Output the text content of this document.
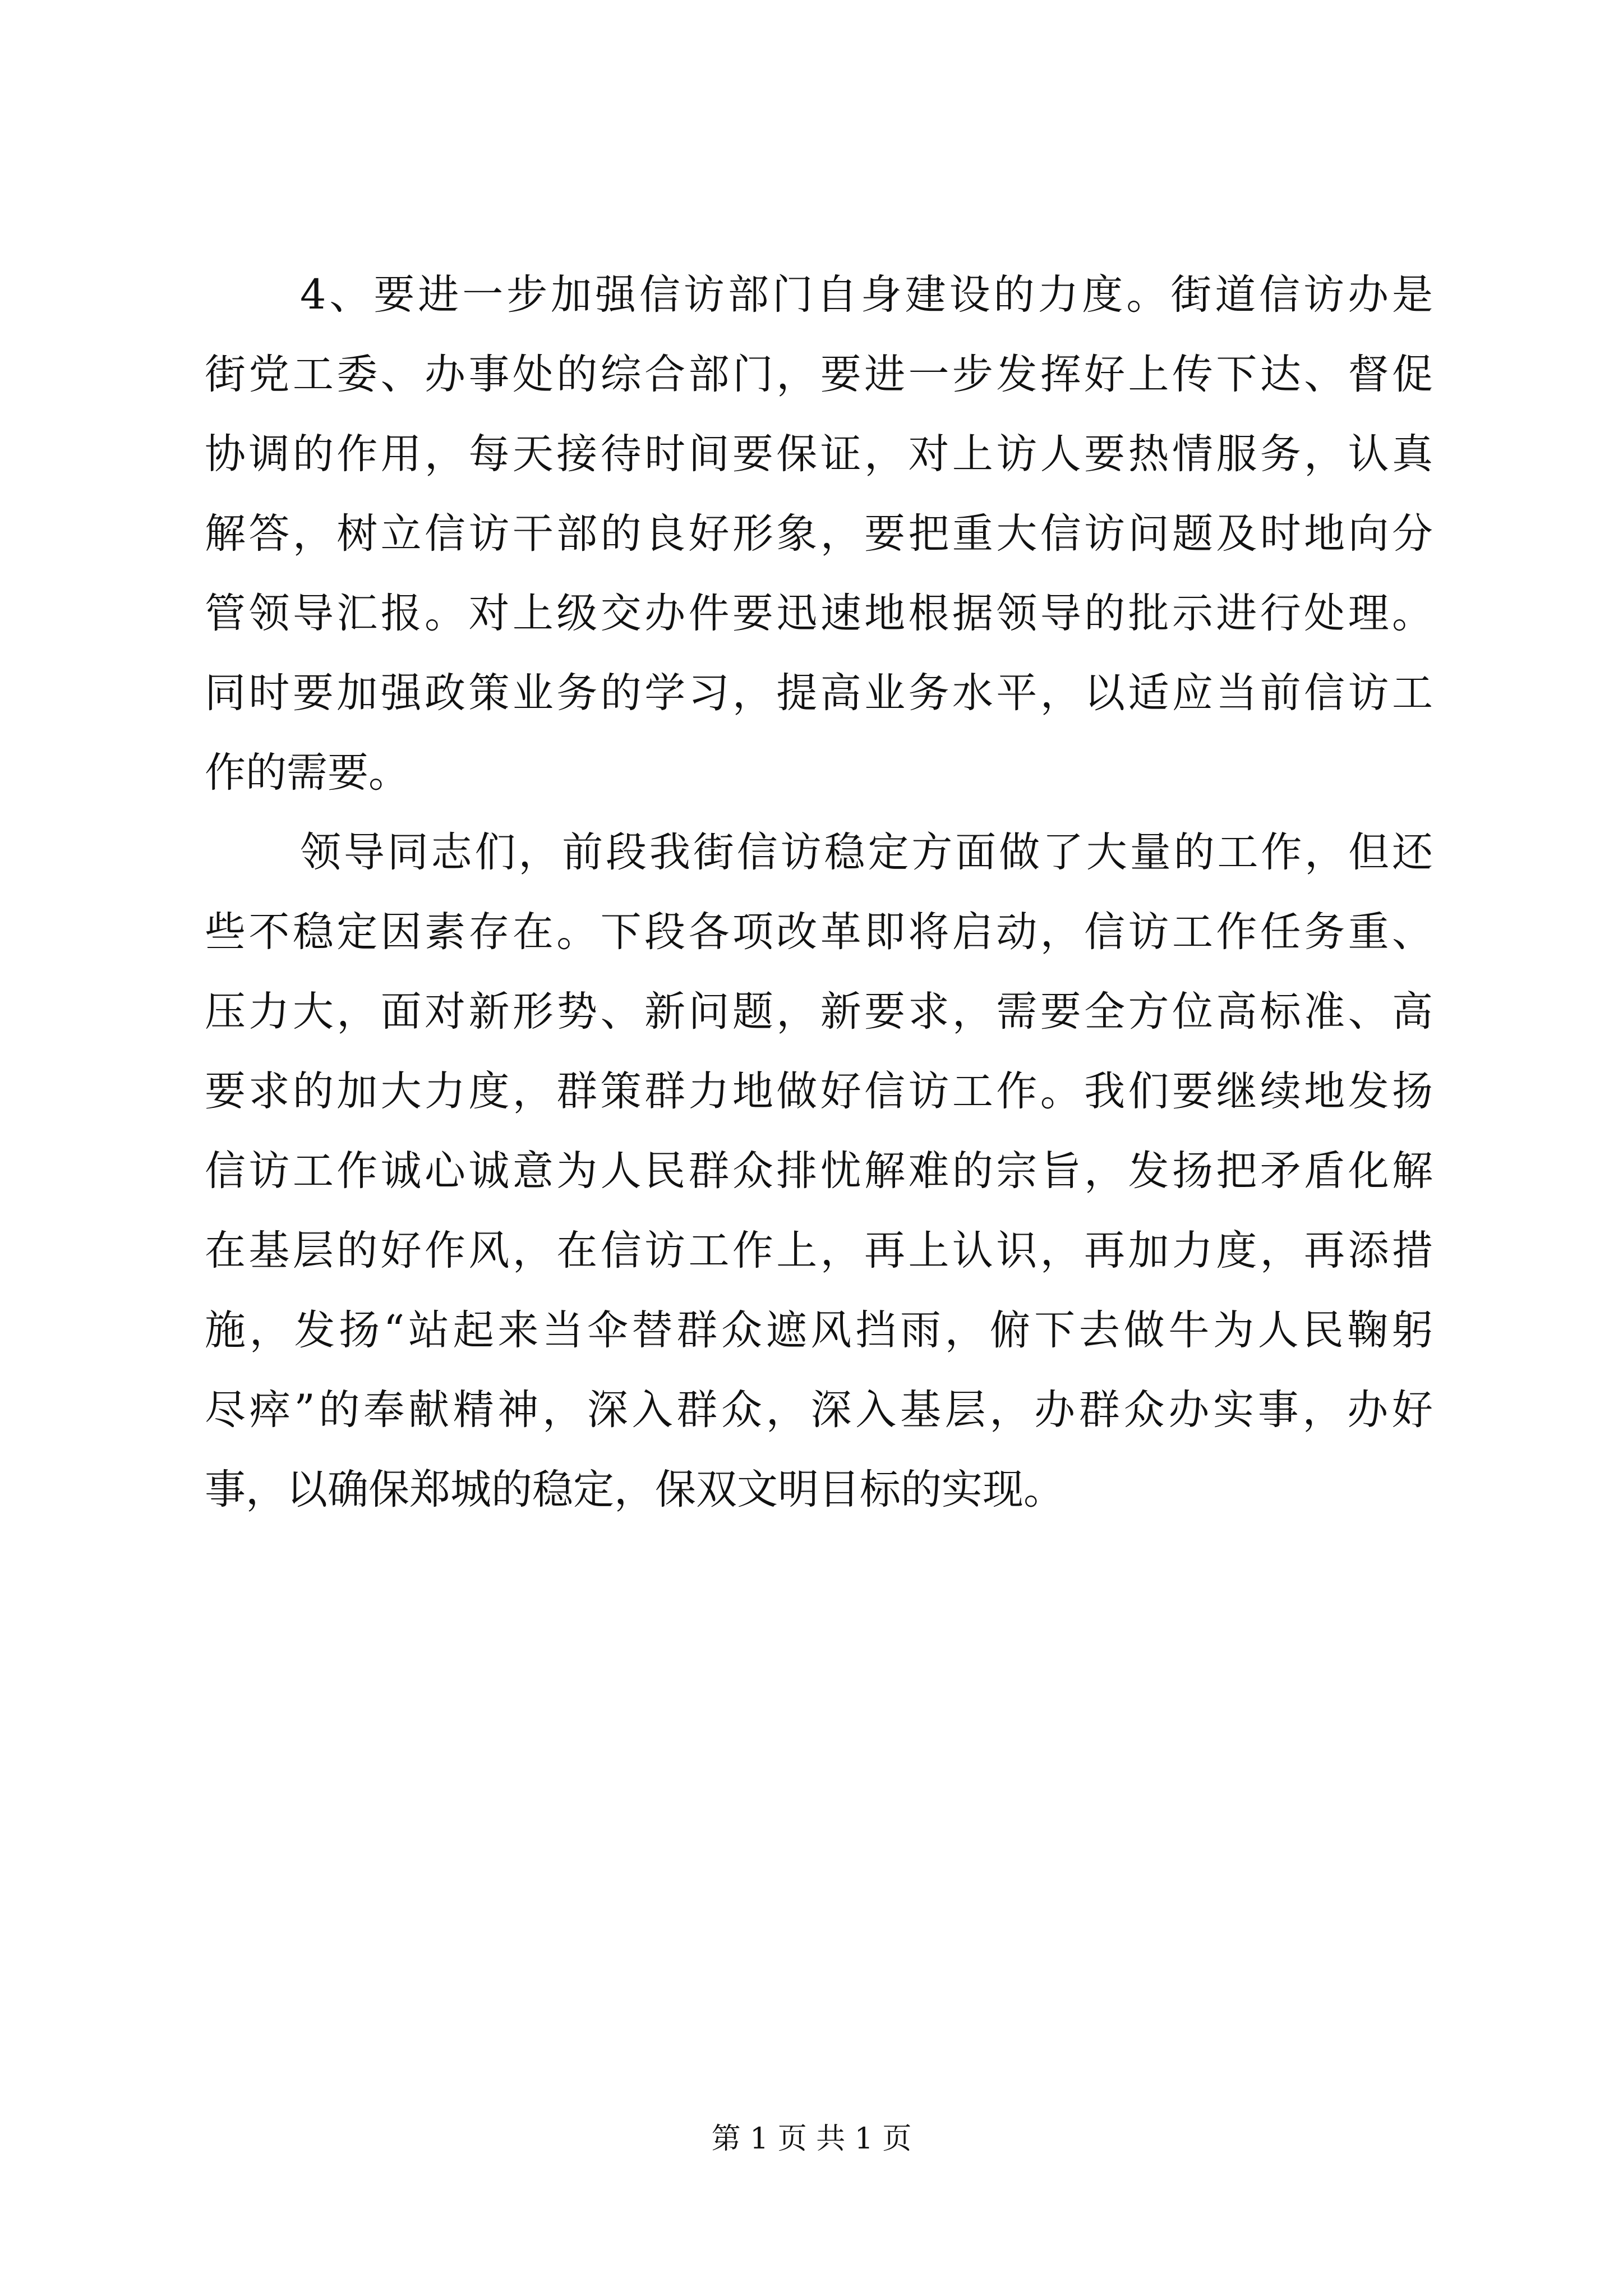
4、要进一步加强信访部门自身建设的力度。街道信访办是
街党工委、办事处的综合部门，要进一步发挥好上传下达、督促
协调的作用，每天接待时间要保证，对上访人要热情服务，认真
解答，树立信访干部的良好形象，要把重大信访问题及时地向分
管领导汇报。对上级交办件要迅速地根据领导的批示进行处理。
同时要加强政策业务的学习，提高业务水平，以适应当前信访工
作的需要。
领导同志们，前段我街信访稳定方面做了大量的工作，但还
些不稳定因素存在。下段各项改革即将启动，信访工作任务重、
压力大，面对新形势、新问题，新要求，需要全方位高标准、高
要求的加大力度，群策群力地做好信访工作。我们要继续地发扬
信访工作诚心诚意为人民群众排忧解难的宗旨，发扬把矛盾化解
在基层的好作风，在信访工作上，再上认识，再加力度，再添措
施，发扬“站起来当伞替群众遮风挡雨，俯下去做牛为人民鞠躬
尽瘁”的奉献精神，深入群众，深入基层，办群众办实事，办好
事，以确保郑城的稳定，保双文明目标的实现。
第 1 页 共 1 页
